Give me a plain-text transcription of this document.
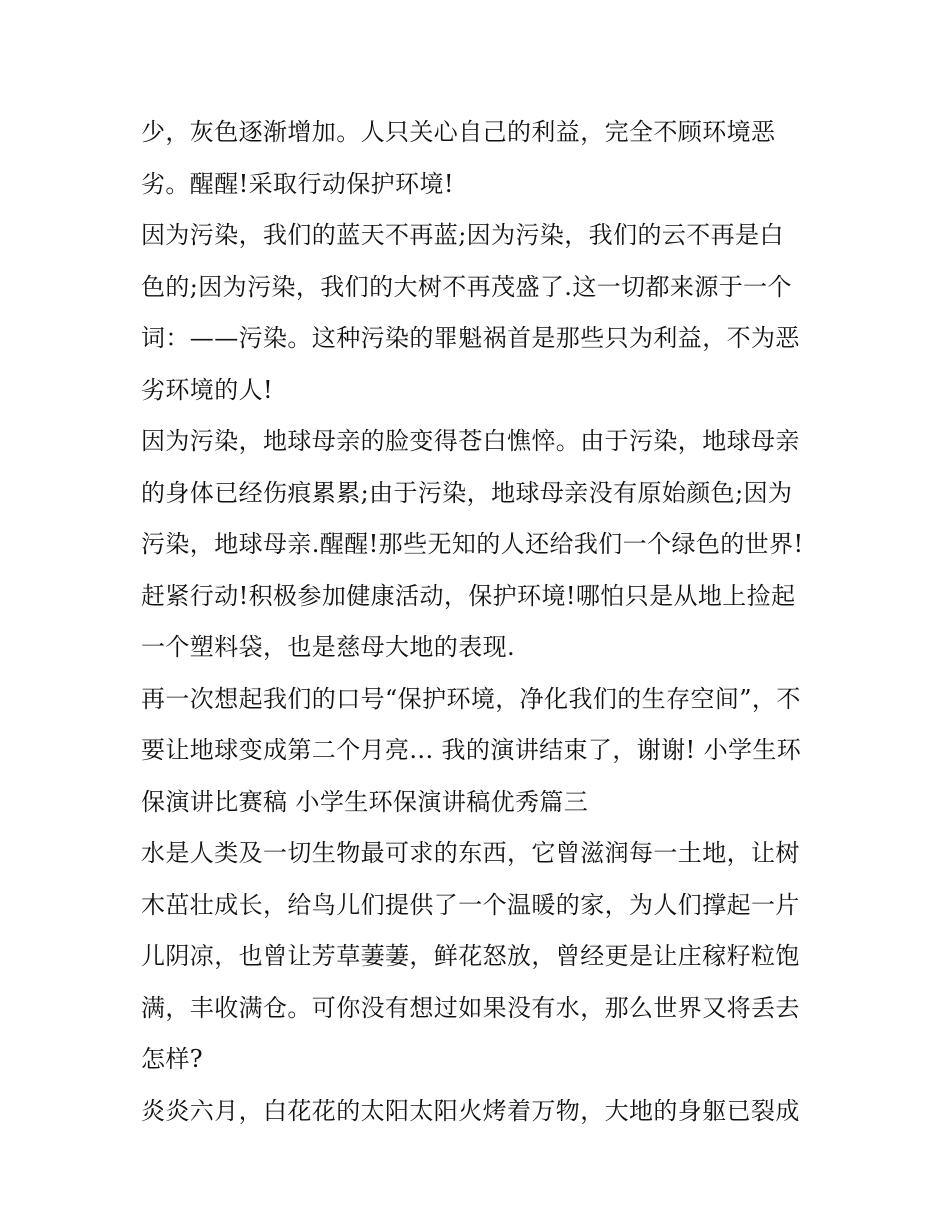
少，灰色逐渐增加。人只关心自己的利益，完全不顾环境恶
劣。醒醒!采取行动保护环境!
因为污染，我们的蓝天不再蓝;因为污染，我们的云不再是白
色的;因为污染，我们的大树不再茂盛了.这一切都来源于一个
词：——污染。这种污染的罪魁祸首是那些只为利益，不为恶
劣环境的人!
因为污染，地球母亲的脸变得苍白憔悴。由于污染，地球母亲
的身体已经伤痕累累;由于污染，地球母亲没有原始颜色;因为
污染，地球母亲.醒醒!那些无知的人还给我们一个绿色的世界!
赶紧行动!积极参加健康活动，保护环境!哪怕只是从地上捡起
一个塑料袋，也是慈母大地的表现.
再一次想起我们的口号“保护环境，净化我们的生存空间”，不
要让地球变成第二个月亮... 我的演讲结束了，谢谢! 小学生环
保演讲比赛稿 小学生环保演讲稿优秀篇三
水是人类及一切生物最可求的东西，它曾滋润每一土地，让树
木茁壮成长，给鸟儿们提供了一个温暖的家，为人们撑起一片
儿阴凉，也曾让芳草萋萋，鲜花怒放，曾经更是让庄稼籽粒饱
满，丰收满仓。可你没有想过如果没有水，那么世界又将丢去
怎样?
炎炎六月，白花花的太阳太阳火烤着万物，大地的身躯已裂成
